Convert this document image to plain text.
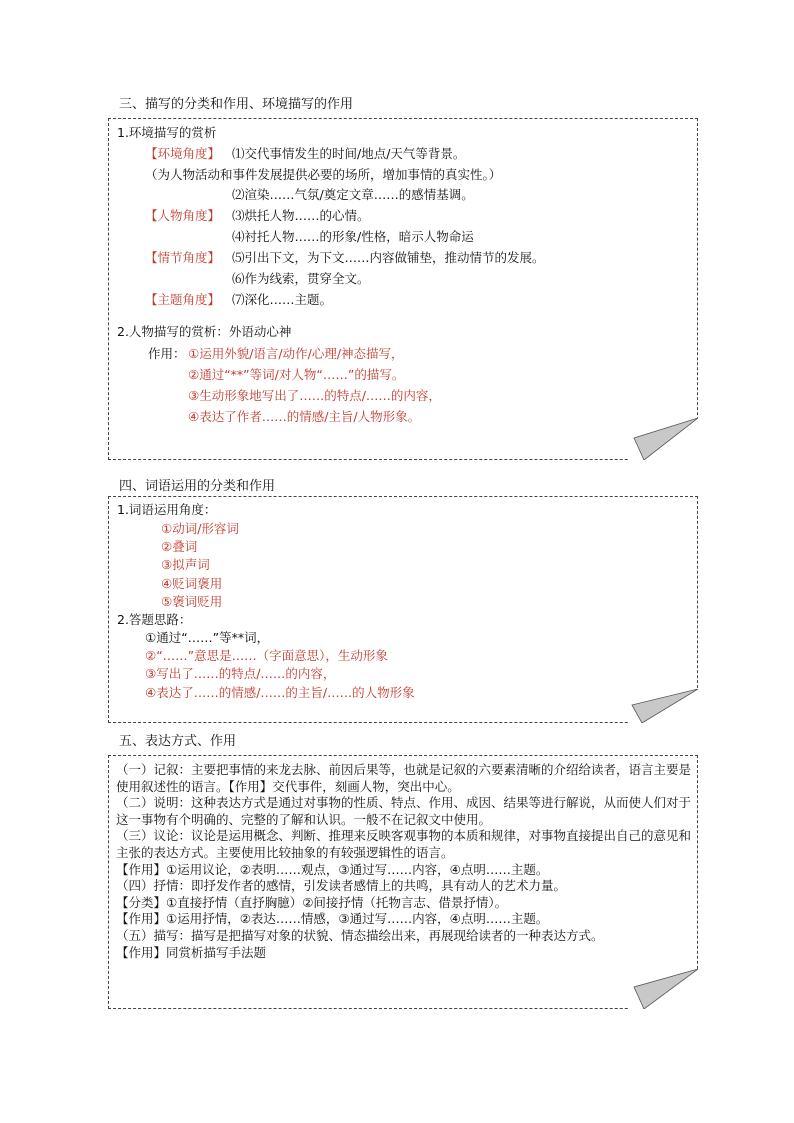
三、描写的分类和作用、环境描写的作用
1.环境描写的赏析
【环境角度】 ⑴交代事情发生的时间/地点/天气等背景。
（为人物活动和事件发展提供必要的场所，增加事情的真实性。）
⑵渲染……气氛/奠定文章……的感情基调。
【人物角度】 ⑶烘托人物……的心情。
⑷衬托人物……的形象/性格，暗示人物命运
【情节角度】 ⑸引出下文，为下文……内容做铺垫，推动情节的发展。
⑹作为线索，贯穿全文。
【主题角度】 ⑺深化……主题。
2.人物描写的赏析：外语动心神
作用： ①运用外貌/语言/动作/心理/神态描写，
②通过“**”等词/对人物“……”的描写。
③生动形象地写出了……的特点/……的内容，
④表达了作者……的情感/主旨/人物形象。
四、词语运用的分类和作用
1.词语运用角度：
①动词/形容词
②叠词
③拟声词
④贬词褒用
⑤褒词贬用
2.答题思路：
①通过“……”等**词，
②“……”意思是……（字面意思），生动形象
③写出了……的特点/……的内容，
④表达了……的情感/……的主旨/……的人物形象
五、表达方式、作用

（一）记叙：主要把事情的来龙去脉、前因后果等，也就是记叙的六要素清晰的介绍给读者，语言主要是使用叙述性的语言。【作用】交代事件，刻画人物，突出中心。

（二）说明：这种表达方式是通过对事物的性质、特点、作用、成因、结果等进行解说，从而使人们对于这一事物有个明确的、完整的了解和认识。一般不在记叙文中使用。

（三）议论：议论是运用概念、判断、推理来反映客观事物的本质和规律，对事物直接提出自己的意见和主张的表达方式。主要使用比较抽象的有较强逻辑性的语言。

【作用】①运用议论，②表明……观点，③通过写……内容，④点明……主题。

（四）抒情：即抒发作者的感情，引发读者感情上的共鸣，具有动人的艺术力量。

【分类】①直接抒情（直抒胸臆）②间接抒情（托物言志、借景抒情）。

【作用】①运用抒情，②表达……情感，③通过写……内容，④点明……主题。

（五）描写：描写是把描写对象的状貌、情态描绘出来，再展现给读者的一种表达方式。

【作用】同赏析描写手法题
